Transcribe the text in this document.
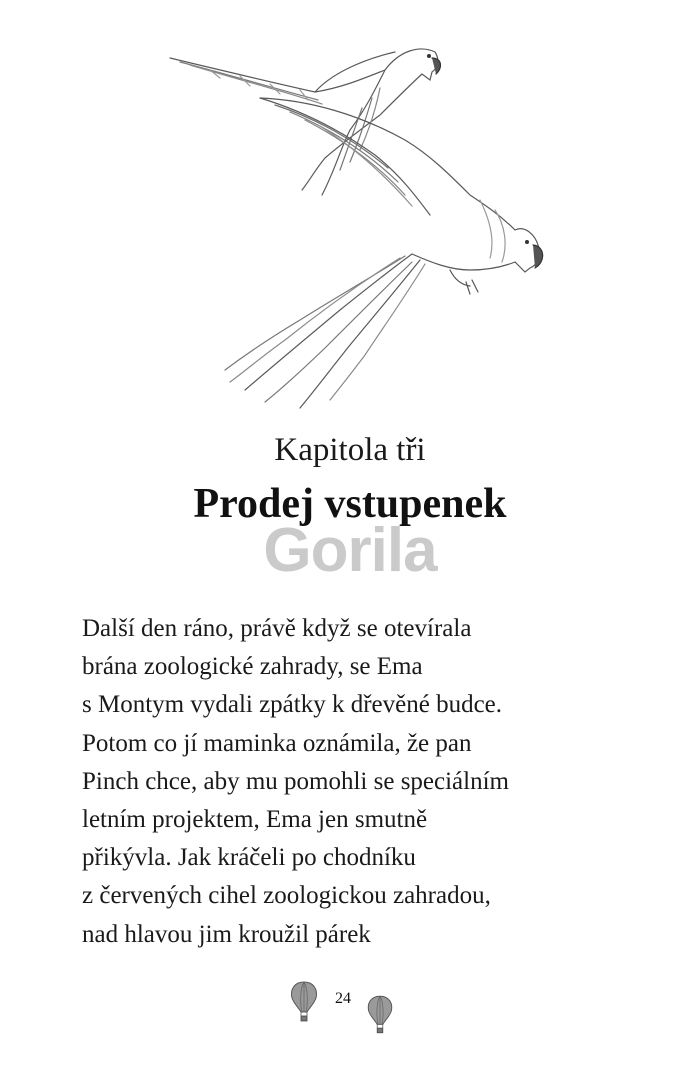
Kapitola tři
Prodej vstupenek
Gorila
Další den ráno, právě když se otevírala
brána zoologické zahrady, se Ema
s Montym vydali zpátky k dřevěné budce.
Potom co jí maminka oznámila, že pan
Pinch chce, aby mu pomohli se speciálním
letním projektem, Ema jen smutně
přikývla. Jak kráčeli po chodníku
z červených cihel zoologickou zahradou,
nad hlavou jim kroužil párek
24
